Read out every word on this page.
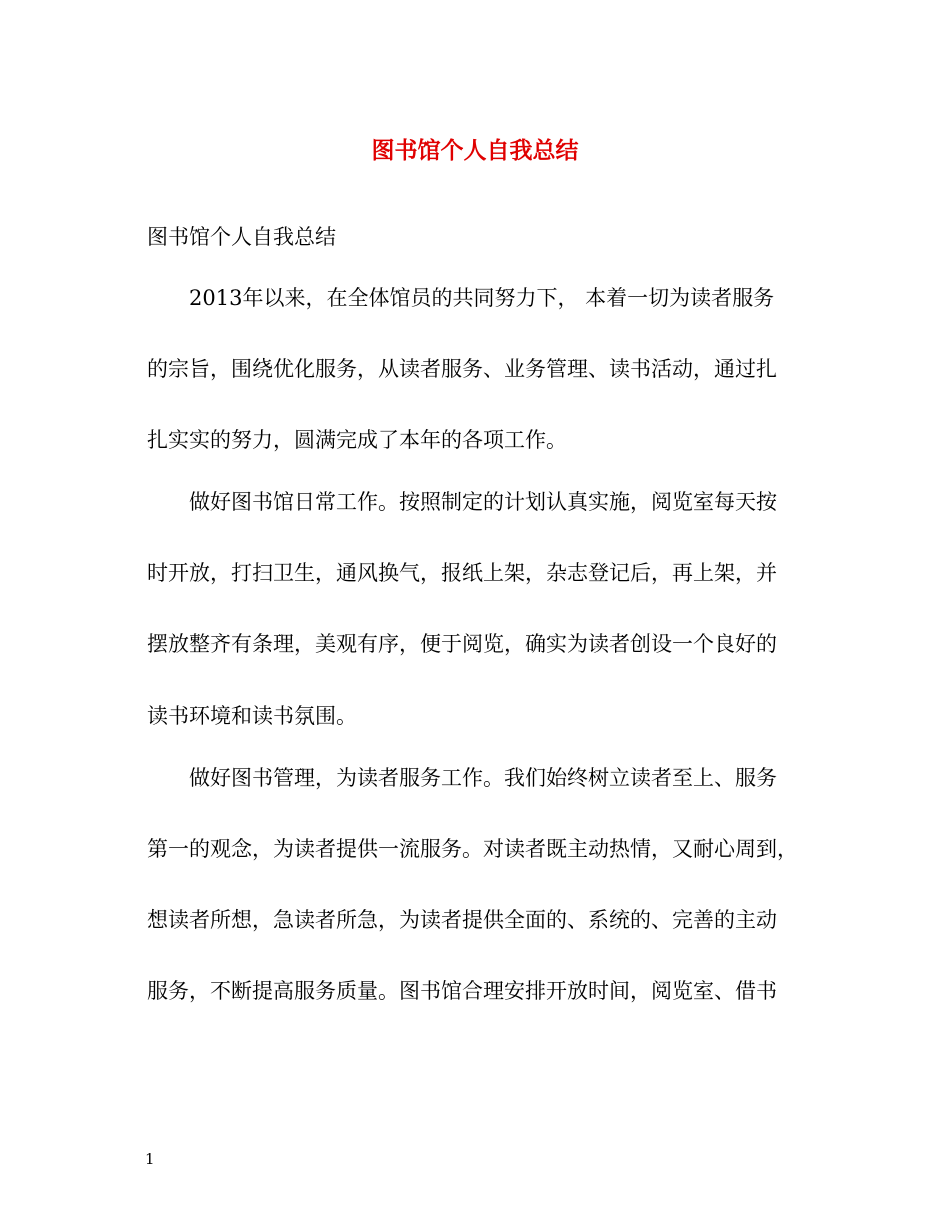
图书馆个人自我总结

图书馆个人自我总结

2013年以来，在全体馆员的共同努力下， 本着一切为读者服务

的宗旨，围绕优化服务，从读者服务、业务管理、读书活动，通过扎

扎实实的努力，圆满完成了本年的各项工作。

做好图书馆日常工作。按照制定的计划认真实施，阅览室每天按

时开放，打扫卫生，通风换气，报纸上架，杂志登记后，再上架，并

摆放整齐有条理，美观有序，便于阅览，确实为读者创设一个良好的

读书环境和读书氛围。

做好图书管理，为读者服务工作。我们始终树立读者至上、服务

第一的观念，为读者提供一流服务。对读者既主动热情，又耐心周到，

想读者所想，急读者所急，为读者提供全面的、系统的、完善的主动

服务，不断提高服务质量。图书馆合理安排开放时间，阅览室、借书

1
